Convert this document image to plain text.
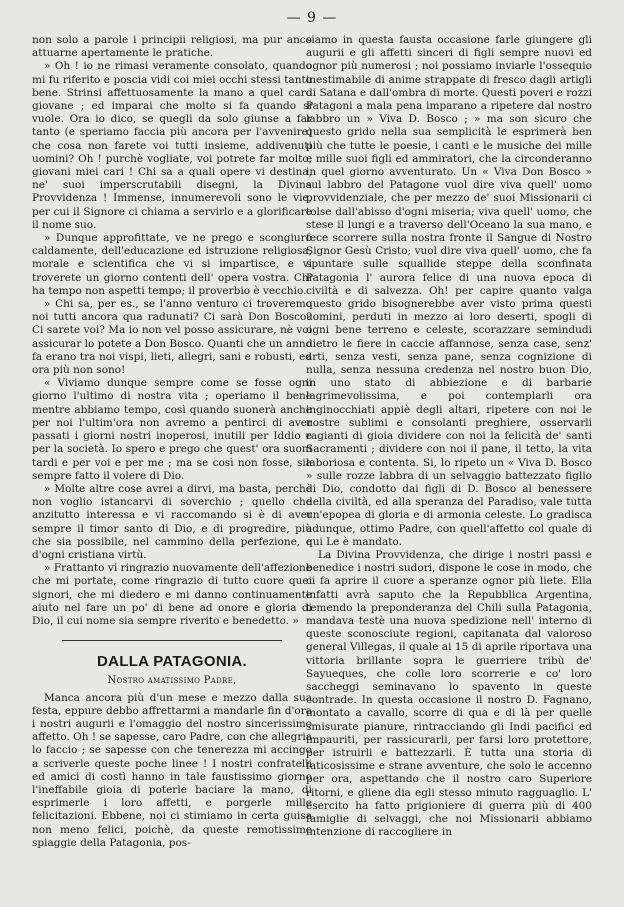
— 9 —

non solo a parole i principii religiosi, ma pur anco attuarne apertamente le pratiche.

» Oh ! io ne rimasi veramente consolato, quando mi fu riferito e poscia vidi coi miei occhi stessi tanto bene. Strinsi affettuosamente la mano a quel caro giovane ; ed imparai che molto si fa quando si vuole. Ora io dico, se quegli da solo giunse a far tanto (e speriamo faccia più ancora per l'avvenire) che cosa non farete voi tutti insieme, addivenuti uomini? Oh ! purchè vogliate, voi potrete far molto, giovani miei cari ! Chi sa a quali opere vi destina, ne' suoi imperscrutabili disegni, la Divina Provvidenza ! Immense, innumerevoli sono le vie, per cui il Signore ci chiama a servirlo e a glorificare il nome suo.

» Dunque approfittate, ve ne prego e scongiuro caldamente, dell'educazione ed istruzione religiosa, morale e scientifica che vi si impartisce, e vi troverete un giorno contenti dell' opera vostra. Chi ha tempo non aspetti tempo; il proverbio è vecchio.

» Chi sa, per es., se l'anno venturo ci troveremo noi tutti ancora qua radunati? Ci sarà Don Bosco? Ci sarete voi? Ma io non vel posso assicurare, nè voi assicurar lo potete a Don Bosco. Quanti che un anno fa erano tra noi vispi, lieti, allegri, sani e robusti, ed ora più non sono!

« Viviamo dunque sempre come se fosse ogni giorno l'ultimo di nostra vita ; operiamo il bene mentre abbiamo tempo, così quando suonerà anche per noi l'ultim'ora non avremo a pentirci di aver passati i giorni nostri inoperosi, inutili per Iddio e per la società. Io spero e prego che quest' ora suoni tardi e per voi e per me ; ma se così non fosse, sia sempre fatto il volere di Dio.

» Molte altre cose avrei a dirvi, ma basta, perchè non voglio istancarvi di soverchio ; quello che anzitutto interessa e vi raccomando si è di aver sempre il timor santo di Dio, e di progredire, più che sia possibile, nel cammino della perfezione, e d'ogni cristiana virtù.

» Frattanto vi ringrazio nuovamente dell'affezione che mi portate, come ringrazio di tutto cuore quei signori, che mi diedero e mi danno continuamente aiuto nel fare un po' di bene ad onore e gloria di Dio, il cui nome sia sempre riverito e benedetto. »

DALLA PATAGONIA.
Nostro amatissimo Padre,

Manca ancora più d'un mese e mezzo dalla sua festa, eppure debbo affrettarmi a mandarle fin d'ora i nostri augurii e l'omaggio del nostro sincerissimo affetto. Oh ! se sapesse, caro Padre, con che allegria lo faccio ; se sapesse con che tenerezza mi accingo a scriverle queste poche linee ! I nostri confratelli ed amici di costì hanno in tale faustissimo giorno l'ineffabile gioia di poterle baciare la mano, di esprimerle i loro affetti, e porgerle mille felicitazioni. Ebbene, noi ci stimiamo in certa guisa non meno felici, poichè, da queste remotissime spiaggie della Patagonia, pos-

siamo in questa fausta occasione farle giungere gli augurii e gli affetti sinceri di figli sempre nuovi ed ognor più numerosi ; noi possiamo inviarle l'ossequio inestimabile di anime strappate di fresco dagli artigli di Satana e dall'ombra di morte. Questi poveri e rozzi Patagoni a mala pena imparano a ripetere dal nostro labbro un » Viva D. Bosco ; » ma son sicuro che questo grido nella sua semplicità le esprimerà ben più che tutte le poesie, i canti e le musiche dei mille e mille suoi figli ed ammiratori, che la circonderanno in quel giorno avventurato. Un « Viva Don Bosco » sul labbro del Patagone vuol dire viva quell' uomo provvidenziale, che per mezzo de' suoi Missionarii ci tolse dall'abisso d'ogni miseria; viva quell' uomo, che stese il lungi e a traverso dell'Oceano la sua mano, e fece scorrere sulla nostra fronte il Sangue di Nostro Signor Gesù Cristo; vuol dire viva quell' uomo, che fa spuntare sulle squallide steppe della sconfinata Patagonia l' aurora felice di una nuova epoca di civiltà e di salvezza. Oh! per capire quanto valga questo grido bisognerebbe aver visto prima questi uomini, perduti in mezzo ai loro deserti, spogli di ogni bene terreno e celeste, scorazzare semindudi dietro le fiere in caccie affannose, senza case, senz' arti, senza vesti, senza pane, senza cognizione di nulla, senza nessuna credenza nel nostro buon Dio, in uno stato di abbiezione e di barbarie lagrimevolissima, e poi contemplarli ora inginocchiati appiè degli altari, ripetere con noi le nostre sublimi e consolanti preghiere, osservarli ragianti di gioia dividere con noi la felicità de' santi Sacramenti ; dividere con noi il pane, il tetto, la vita laboriosa e contenta. Si, lo ripeto un « Viva D. Bosco » sulle rozze labbra di un selvaggio battezzato figlio di Dio, condotto dai figli di D. Bosco al benessere della civiltà, ed alla speranza del Paradiso, vale tutta un'epopea di gloria e di armonia celeste. Lo gradisca adunque, ottimo Padre, con quell'affetto col quale di qui Le è mandato.

La Divina Provvidenza, che dirige i nostri passi e benedice i nostri sudori, dispone le cose in modo, che ci fa aprire il cuore a speranze ognor più liete. Ella infatti avrà saputo che la Repubblica Argentina, temendo la preponderanza del Chili sulla Patagonia, mandava testè una nuova spedizione nell' interno di queste sconosciute regioni, capitanata dal valoroso general Villegas, il quale ai 15 di aprile riportava una vittoria brillante sopra le guerriere tribù de' Sayueques, che colle loro scorrerie e co' loro saccheggi seminavano lo spavento in queste contrade. In questa occasione il nostro D. Fagnano, montato a cavallo, scorre di qua e di là per quelle smisurate pianure, rintracciando gli Indi pacifici ed impauriti, per rassicurarli, per farsi loro protettore, per istruirli e battezzarli. È tutta una storia di faticosissime e strane avventure, che solo le accenno per ora, aspettando che il nostro caro Superiore ritorni, e gliene dia egli stesso minuto ragguaglio. L' esercito ha fatto prigioniere di guerra più di 400 famiglie di selvaggi, che noi Missionarii abbiamo intenzione di raccogliere in
